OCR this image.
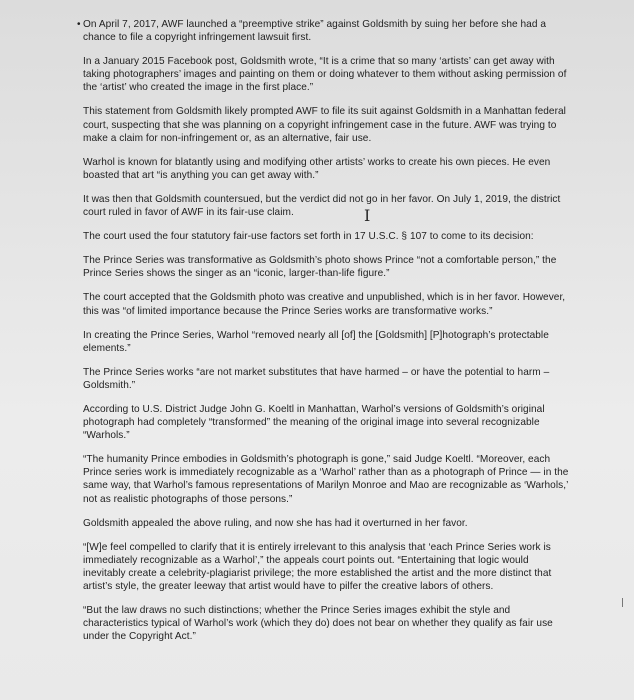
• On April 7, 2017, AWF launched a “preemptive strike” against Goldsmith by suing her before she had a chance to file a copyright infringement lawsuit first.

In a January 2015 Facebook post, Goldsmith wrote, “It is a crime that so many ‘artists’ can get away with taking photographers’ images and painting on them or doing whatever to them without asking permission of the ‘artist’ who created the image in the first place.”

This statement from Goldsmith likely prompted AWF to file its suit against Goldsmith in a Manhattan federal court, suspecting that she was planning on a copyright infringement case in the future. AWF was trying to make a claim for non-infringement or, as an alternative, fair use.

Warhol is known for blatantly using and modifying other artists’ works to create his own pieces. He even boasted that art “is anything you can get away with.”

It was then that Goldsmith countersued, but the verdict did not go in her favor. On July 1, 2019, the district court ruled in favor of AWF in its fair-use claim.

The court used the four statutory fair-use factors set forth in 17 U.S.C. § 107 to come to its decision:

The Prince Series was transformative as Goldsmith’s photo shows Prince “not a comfortable person,” the Prince Series shows the singer as an “iconic, larger-than-life figure.”

The court accepted that the Goldsmith photo was creative and unpublished, which is in her favor. However, this was “of limited importance because the Prince Series works are transformative works.”

In creating the Prince Series, Warhol “removed nearly all [of] the [Goldsmith] [P]hotograph’s protectable elements.”

The Prince Series works “are not market substitutes that have harmed – or have the potential to harm – Goldsmith.”

According to U.S. District Judge John G. Koeltl in Manhattan, Warhol’s versions of Goldsmith’s original photograph had completely “transformed” the meaning of the original image into several recognizable “Warhols.”

“The humanity Prince embodies in Goldsmith’s photograph is gone,” said Judge Koeltl. “Moreover, each Prince series work is immediately recognizable as a ‘Warhol’ rather than as a photograph of Prince — in the same way, that Warhol’s famous representations of Marilyn Monroe and Mao are recognizable as ‘Warhols,’ not as realistic photographs of those persons.”

Goldsmith appealed the above ruling, and now she has had it overturned in her favor.

“[W]e feel compelled to clarify that it is entirely irrelevant to this analysis that ‘each Prince Series work is immediately recognizable as a Warhol’,” the appeals court points out. “Entertaining that logic would inevitably create a celebrity-plagiarist privilege; the more established the artist and the more distinct that artist’s style, the greater leeway that artist would have to pilfer the creative labors of others.

“But the law draws no such distinctions; whether the Prince Series images exhibit the style and characteristics typical of Warhol’s work (which they do) does not bear on whether they qualify as fair use under the Copyright Act.”

I
